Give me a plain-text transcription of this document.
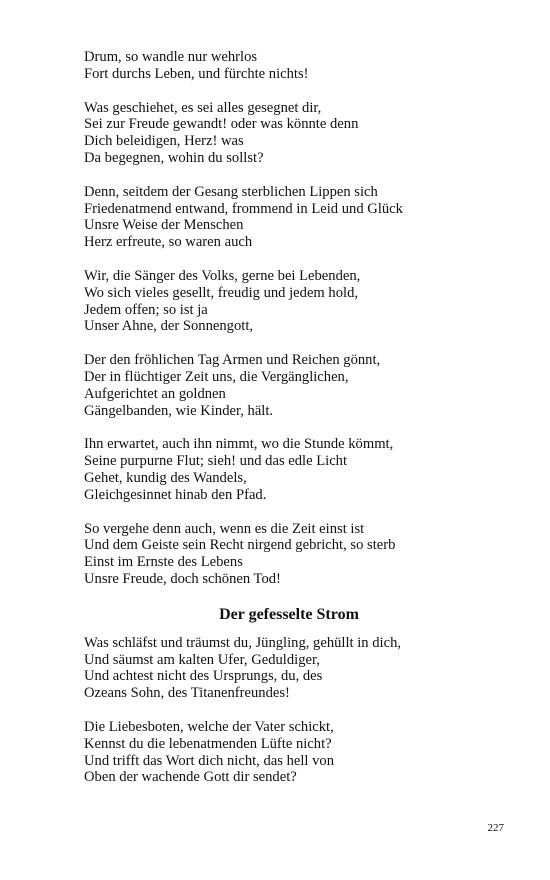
Drum, so wandle nur wehrlos
Fort durchs Leben, und fürchte nichts!
Was geschiehet, es sei alles gesegnet dir,
Sei zur Freude gewandt! oder was könnte denn
Dich beleidigen, Herz! was
Da begegnen, wohin du sollst?
Denn, seitdem der Gesang sterblichen Lippen sich
Friedenatmend entwand, frommend in Leid und Glück
Unsre Weise der Menschen
Herz erfreute, so waren auch
Wir, die Sänger des Volks, gerne bei Lebenden,
Wo sich vieles gesellt, freudig und jedem hold,
Jedem offen; so ist ja
Unser Ahne, der Sonnengott,
Der den fröhlichen Tag Armen und Reichen gönnt,
Der in flüchtiger Zeit uns, die Vergänglichen,
Aufgerichtet an goldnen
Gängelbanden, wie Kinder, hält.
Ihn erwartet, auch ihn nimmt, wo die Stunde kömmt,
Seine purpurne Flut; sieh! und das edle Licht
Gehet, kundig des Wandels,
Gleichgesinnet hinab den Pfad.
So vergehe denn auch, wenn es die Zeit einst ist
Und dem Geiste sein Recht nirgend gebricht, so sterb
Einst im Ernste des Lebens
Unsre Freude, doch schönen Tod!
Der gefesselte Strom
Was schläfst und träumst du, Jüngling, gehüllt in dich,
Und säumst am kalten Ufer, Geduldiger,
Und achtest nicht des Ursprungs, du, des
Ozeans Sohn, des Titanenfreundes!
Die Liebesboten, welche der Vater schickt,
Kennst du die lebenatmenden Lüfte nicht?
Und trifft das Wort dich nicht, das hell von
Oben der wachende Gott dir sendet?
227
